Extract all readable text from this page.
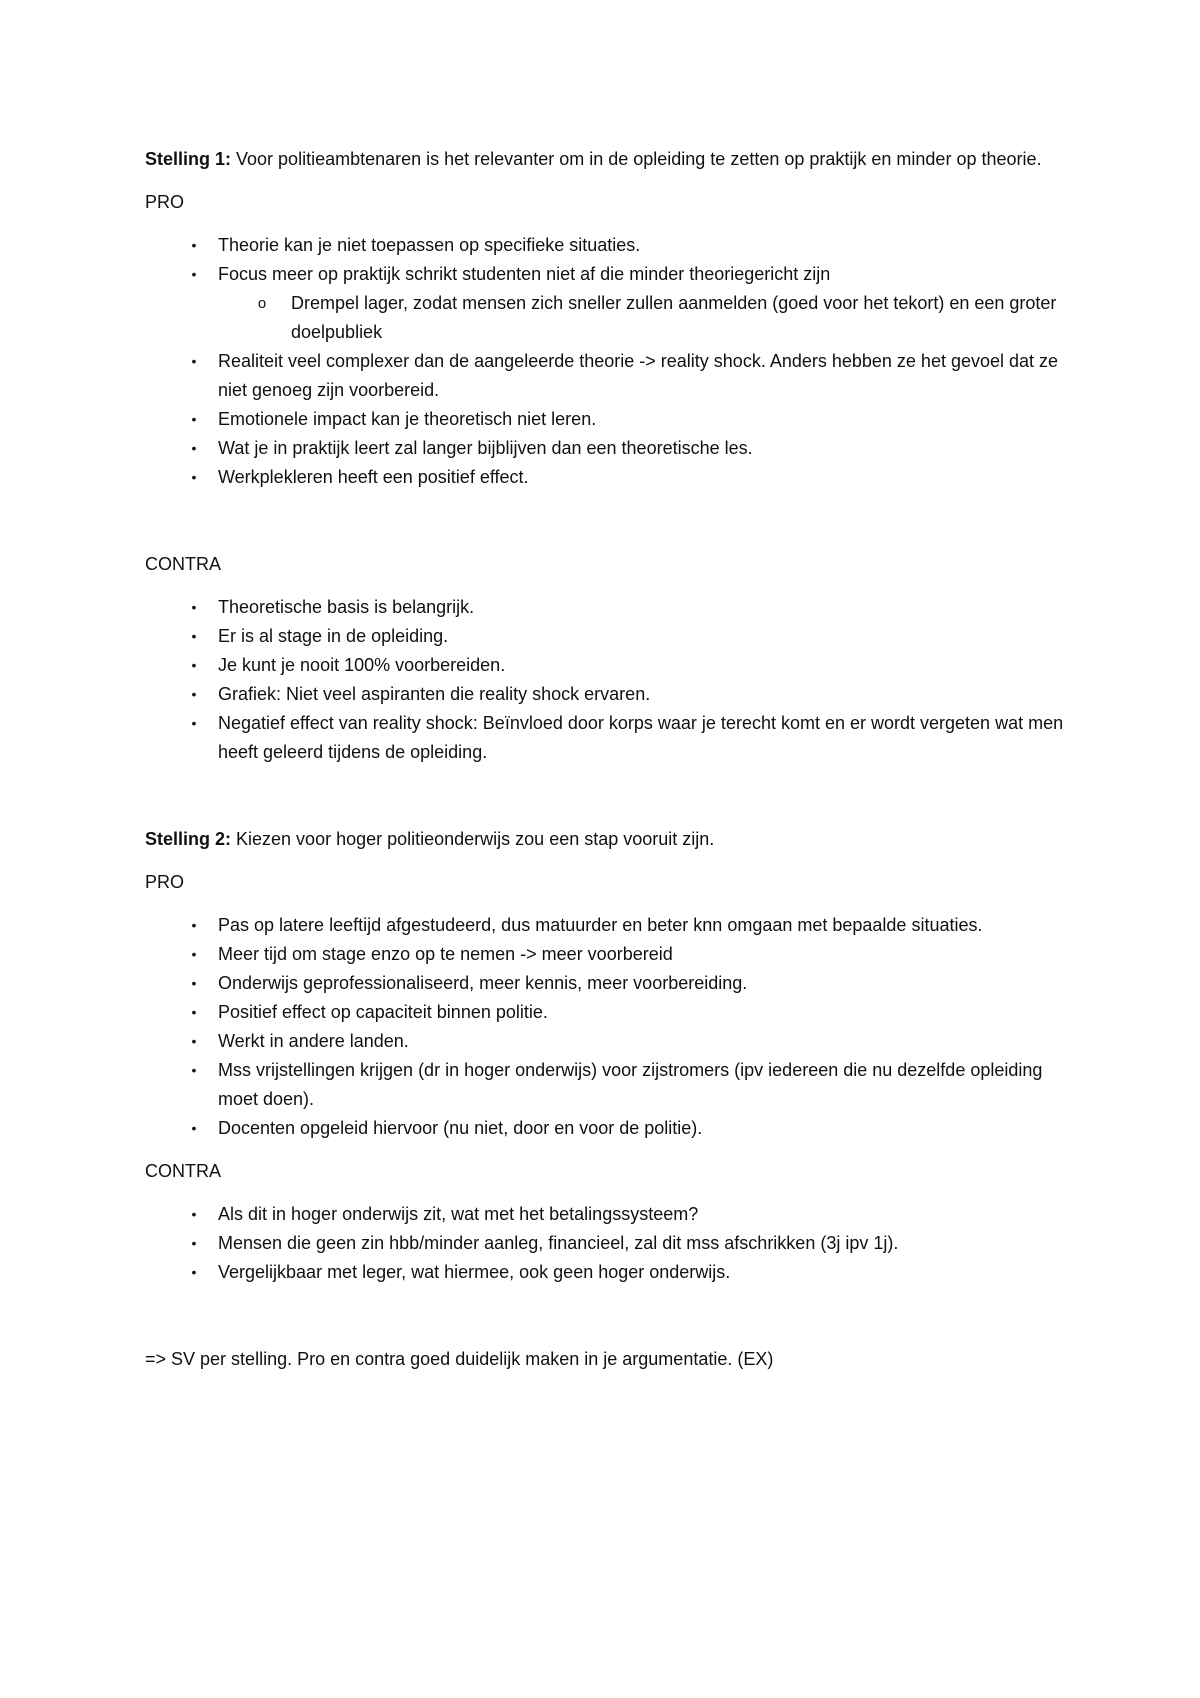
Stelling 1: Voor politieambtenaren is het relevanter om in de opleiding te zetten op praktijk en minder op theorie.

PRO

•	Theorie kan je niet toepassen op specifieke situaties.
•	Focus meer op praktijk schrikt studenten niet af die minder theoriegericht zijn
o	Drempel lager, zodat mensen zich sneller zullen aanmelden (goed voor het tekort) en een groter doelpubliek
•	Realiteit veel complexer dan de aangeleerde theorie -> reality shock. Anders hebben ze het gevoel dat ze niet genoeg zijn voorbereid.
•	Emotionele impact kan je theoretisch niet leren.
•	Wat je in praktijk leert zal langer bijblijven dan een theoretische les.
•	Werkplekleren heeft een positief effect.

CONTRA

•	Theoretische basis is belangrijk.
•	Er is al stage in de opleiding.
•	Je kunt je nooit 100% voorbereiden.
•	Grafiek: Niet veel aspiranten die reality shock ervaren.
•	Negatief effect van reality shock: Beïnvloed door korps waar je terecht komt en er wordt vergeten wat men heeft geleerd tijdens de opleiding.

Stelling 2: Kiezen voor hoger politieonderwijs zou een stap vooruit zijn.

PRO

•	Pas op latere leeftijd afgestudeerd, dus matuurder en beter knn omgaan met bepaalde situaties.
•	Meer tijd om stage enzo op te nemen -> meer voorbereid
•	Onderwijs geprofessionaliseerd, meer kennis, meer voorbereiding.
•	Positief effect op capaciteit binnen politie.
•	Werkt in andere landen.
•	Mss vrijstellingen krijgen (dr in hoger onderwijs) voor zijstromers (ipv iedereen die nu dezelfde opleiding moet doen).
•	Docenten opgeleid hiervoor (nu niet, door en voor de politie).

CONTRA

•	Als dit in hoger onderwijs zit, wat met het betalingssysteem?
•	Mensen die geen zin hbb/minder aanleg, financieel, zal dit mss afschrikken (3j ipv 1j).
•	Vergelijkbaar met leger, wat hiermee, ook geen hoger onderwijs.

=> SV per stelling. Pro en contra goed duidelijk maken in je argumentatie. (EX)
